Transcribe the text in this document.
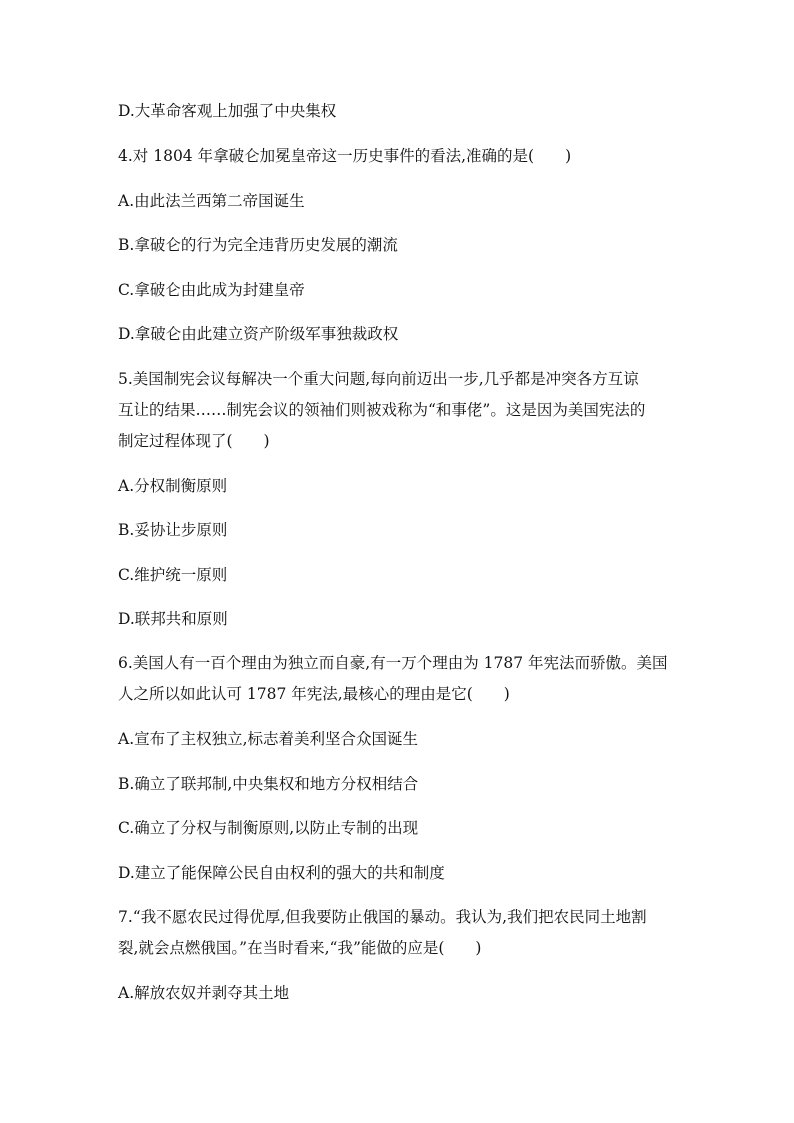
D.大革命客观上加强了中央集权

4.对 1804 年拿破仑加冕皇帝这一历史事件的看法,准确的是(　　)

A.由此法兰西第二帝国诞生

B.拿破仑的行为完全违背历史发展的潮流

C.拿破仑由此成为封建皇帝

D.拿破仑由此建立资产阶级军事独裁政权

5.美国制宪会议每解决一个重大问题,每向前迈出一步,几乎都是冲突各方互谅

互让的结果……制宪会议的领袖们则被戏称为“和事佬”。这是因为美国宪法的

制定过程体现了(　　)

A.分权制衡原则

B.妥协让步原则

C.维护统一原则

D.联邦共和原则

6.美国人有一百个理由为独立而自豪,有一万个理由为 1787 年宪法而骄傲。美国

人之所以如此认可 1787 年宪法,最核心的理由是它(　　)

A.宣布了主权独立,标志着美利坚合众国诞生

B.确立了联邦制,中央集权和地方分权相结合

C.确立了分权与制衡原则,以防止专制的出现

D.建立了能保障公民自由权利的强大的共和制度

7.“我不愿农民过得优厚,但我要防止俄国的暴动。我认为,我们把农民同土地割

裂,就会点燃俄国。”在当时看来,“我”能做的应是(　　)

A.解放农奴并剥夺其土地
